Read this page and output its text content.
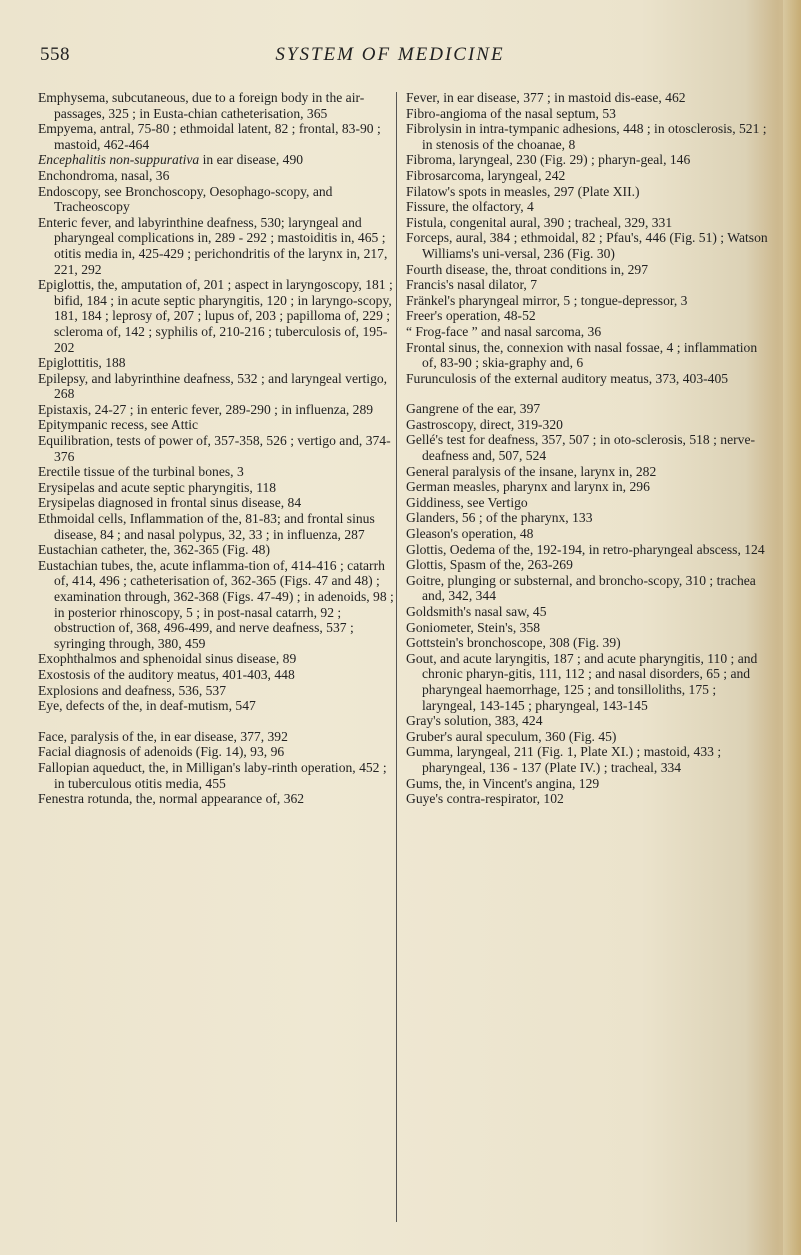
558	SYSTEM OF MEDICINE

Emphysema, subcutaneous, due to a foreign body in the air-passages, 325 ; in Eusta-chian catheterisation, 365

Empyema, antral, 75-80 ; ethmoidal latent, 82 ; frontal, 83-90 ; mastoid, 462-464

Encephalitis non-suppurativa in ear disease, 490

Enchondroma, nasal, 36

Endoscopy, see Bronchoscopy, Oesophago-scopy, and Tracheoscopy

Enteric fever, and labyrinthine deafness, 530; laryngeal and pharyngeal complications in, 289 - 292 ; mastoiditis in, 465 ; otitis media in, 425-429 ; perichondritis of the larynx in, 217, 221, 292

Epiglottis, the, amputation of, 201 ; aspect in laryngoscopy, 181 ; bifid, 184 ; in acute septic pharyngitis, 120 ; in laryngo-scopy, 181, 184 ; leprosy of, 207 ; lupus of, 203 ; papilloma of, 229 ; scleroma of, 142 ; syphilis of, 210-216 ; tuberculosis of, 195-202

Epiglottitis, 188

Epilepsy, and labyrinthine deafness, 532 ; and laryngeal vertigo, 268

Epistaxis, 24-27 ; in enteric fever, 289-290 ; in influenza, 289

Epitympanic recess, see Attic

Equilibration, tests of power of, 357-358, 526 ; vertigo and, 374-376

Erectile tissue of the turbinal bones, 3

Erysipelas and acute septic pharyngitis, 118

Erysipelas diagnosed in frontal sinus disease, 84

Ethmoidal cells, Inflammation of the, 81-83; and frontal sinus disease, 84 ; and nasal polypus, 32, 33 ; in influenza, 287

Eustachian catheter, the, 362-365 (Fig. 48)

Eustachian tubes, the, acute inflamma-tion of, 414-416 ; catarrh of, 414, 496 ; catheterisation of, 362-365 (Figs. 47 and 48) ; examination through, 362-368 (Figs. 47-49) ; in adenoids, 98 ; in posterior rhinoscopy, 5 ; in post-nasal catarrh, 92 ; obstruction of, 368, 496-499, and nerve deafness, 537 ; syringing through, 380, 459

Exophthalmos and sphenoidal sinus disease, 89

Exostosis of the auditory meatus, 401-403, 448

Explosions and deafness, 536, 537

Eye, defects of the, in deaf-mutism, 547

Face, paralysis of the, in ear disease, 377, 392

Facial diagnosis of adenoids (Fig. 14), 93, 96

Fallopian aqueduct, the, in Milligan's laby-rinth operation, 452 ; in tuberculous otitis media, 455

Fenestra rotunda, the, normal appearance of, 362

Fever, in ear disease, 377 ; in mastoid dis-ease, 462

Fibro-angioma of the nasal septum, 53

Fibrolysin in intra-tympanic adhesions, 448 ; in otosclerosis, 521 ; in stenosis of the choanae, 8

Fibroma, laryngeal, 230 (Fig. 29) ; pharyn-geal, 146

Fibrosarcoma, laryngeal, 242

Filatow's spots in measles, 297 (Plate XII.)

Fissure, the olfactory, 4

Fistula, congenital aural, 390 ; tracheal, 329, 331

Forceps, aural, 384 ; ethmoidal, 82 ; Pfau's, 446 (Fig. 51) ; Watson Williams's uni-versal, 236 (Fig. 30)

Fourth disease, the, throat conditions in, 297

Francis's nasal dilator, 7

Fränkel's pharyngeal mirror, 5 ; tongue-depressor, 3

Freer's operation, 48-52

“ Frog-face ” and nasal sarcoma, 36

Frontal sinus, the, connexion with nasal fossae, 4 ; inflammation of, 83-90 ; skia-graphy and, 6

Furunculosis of the external auditory meatus, 373, 403-405

Gangrene of the ear, 397

Gastroscopy, direct, 319-320

Gellé's test for deafness, 357, 507 ; in oto-sclerosis, 518 ; nerve-deafness and, 507, 524

General paralysis of the insane, larynx in, 282

German measles, pharynx and larynx in, 296

Giddiness, see Vertigo

Glanders, 56 ; of the pharynx, 133

Gleason's operation, 48

Glottis, Oedema of the, 192-194, in retro-pharyngeal abscess, 124

Glottis, Spasm of the, 263-269

Goitre, plunging or substernal, and broncho-scopy, 310 ; trachea and, 342, 344

Goldsmith's nasal saw, 45

Goniometer, Stein's, 358

Gottstein's bronchoscope, 308 (Fig. 39)

Gout, and acute laryngitis, 187 ; and acute pharyngitis, 110 ; and chronic pharyn-gitis, 111, 112 ; and nasal disorders, 65 ; and pharyngeal haemorrhage, 125 ; and tonsilloliths, 175 ; laryngeal, 143-145 ; pharyngeal, 143-145

Gray's solution, 383, 424

Gruber's aural speculum, 360 (Fig. 45)

Gumma, laryngeal, 211 (Fig. 1, Plate XI.) ; mastoid, 433 ; pharyngeal, 136 - 137 (Plate IV.) ; tracheal, 334

Gums, the, in Vincent's angina, 129

Guye's contra-respirator, 102
